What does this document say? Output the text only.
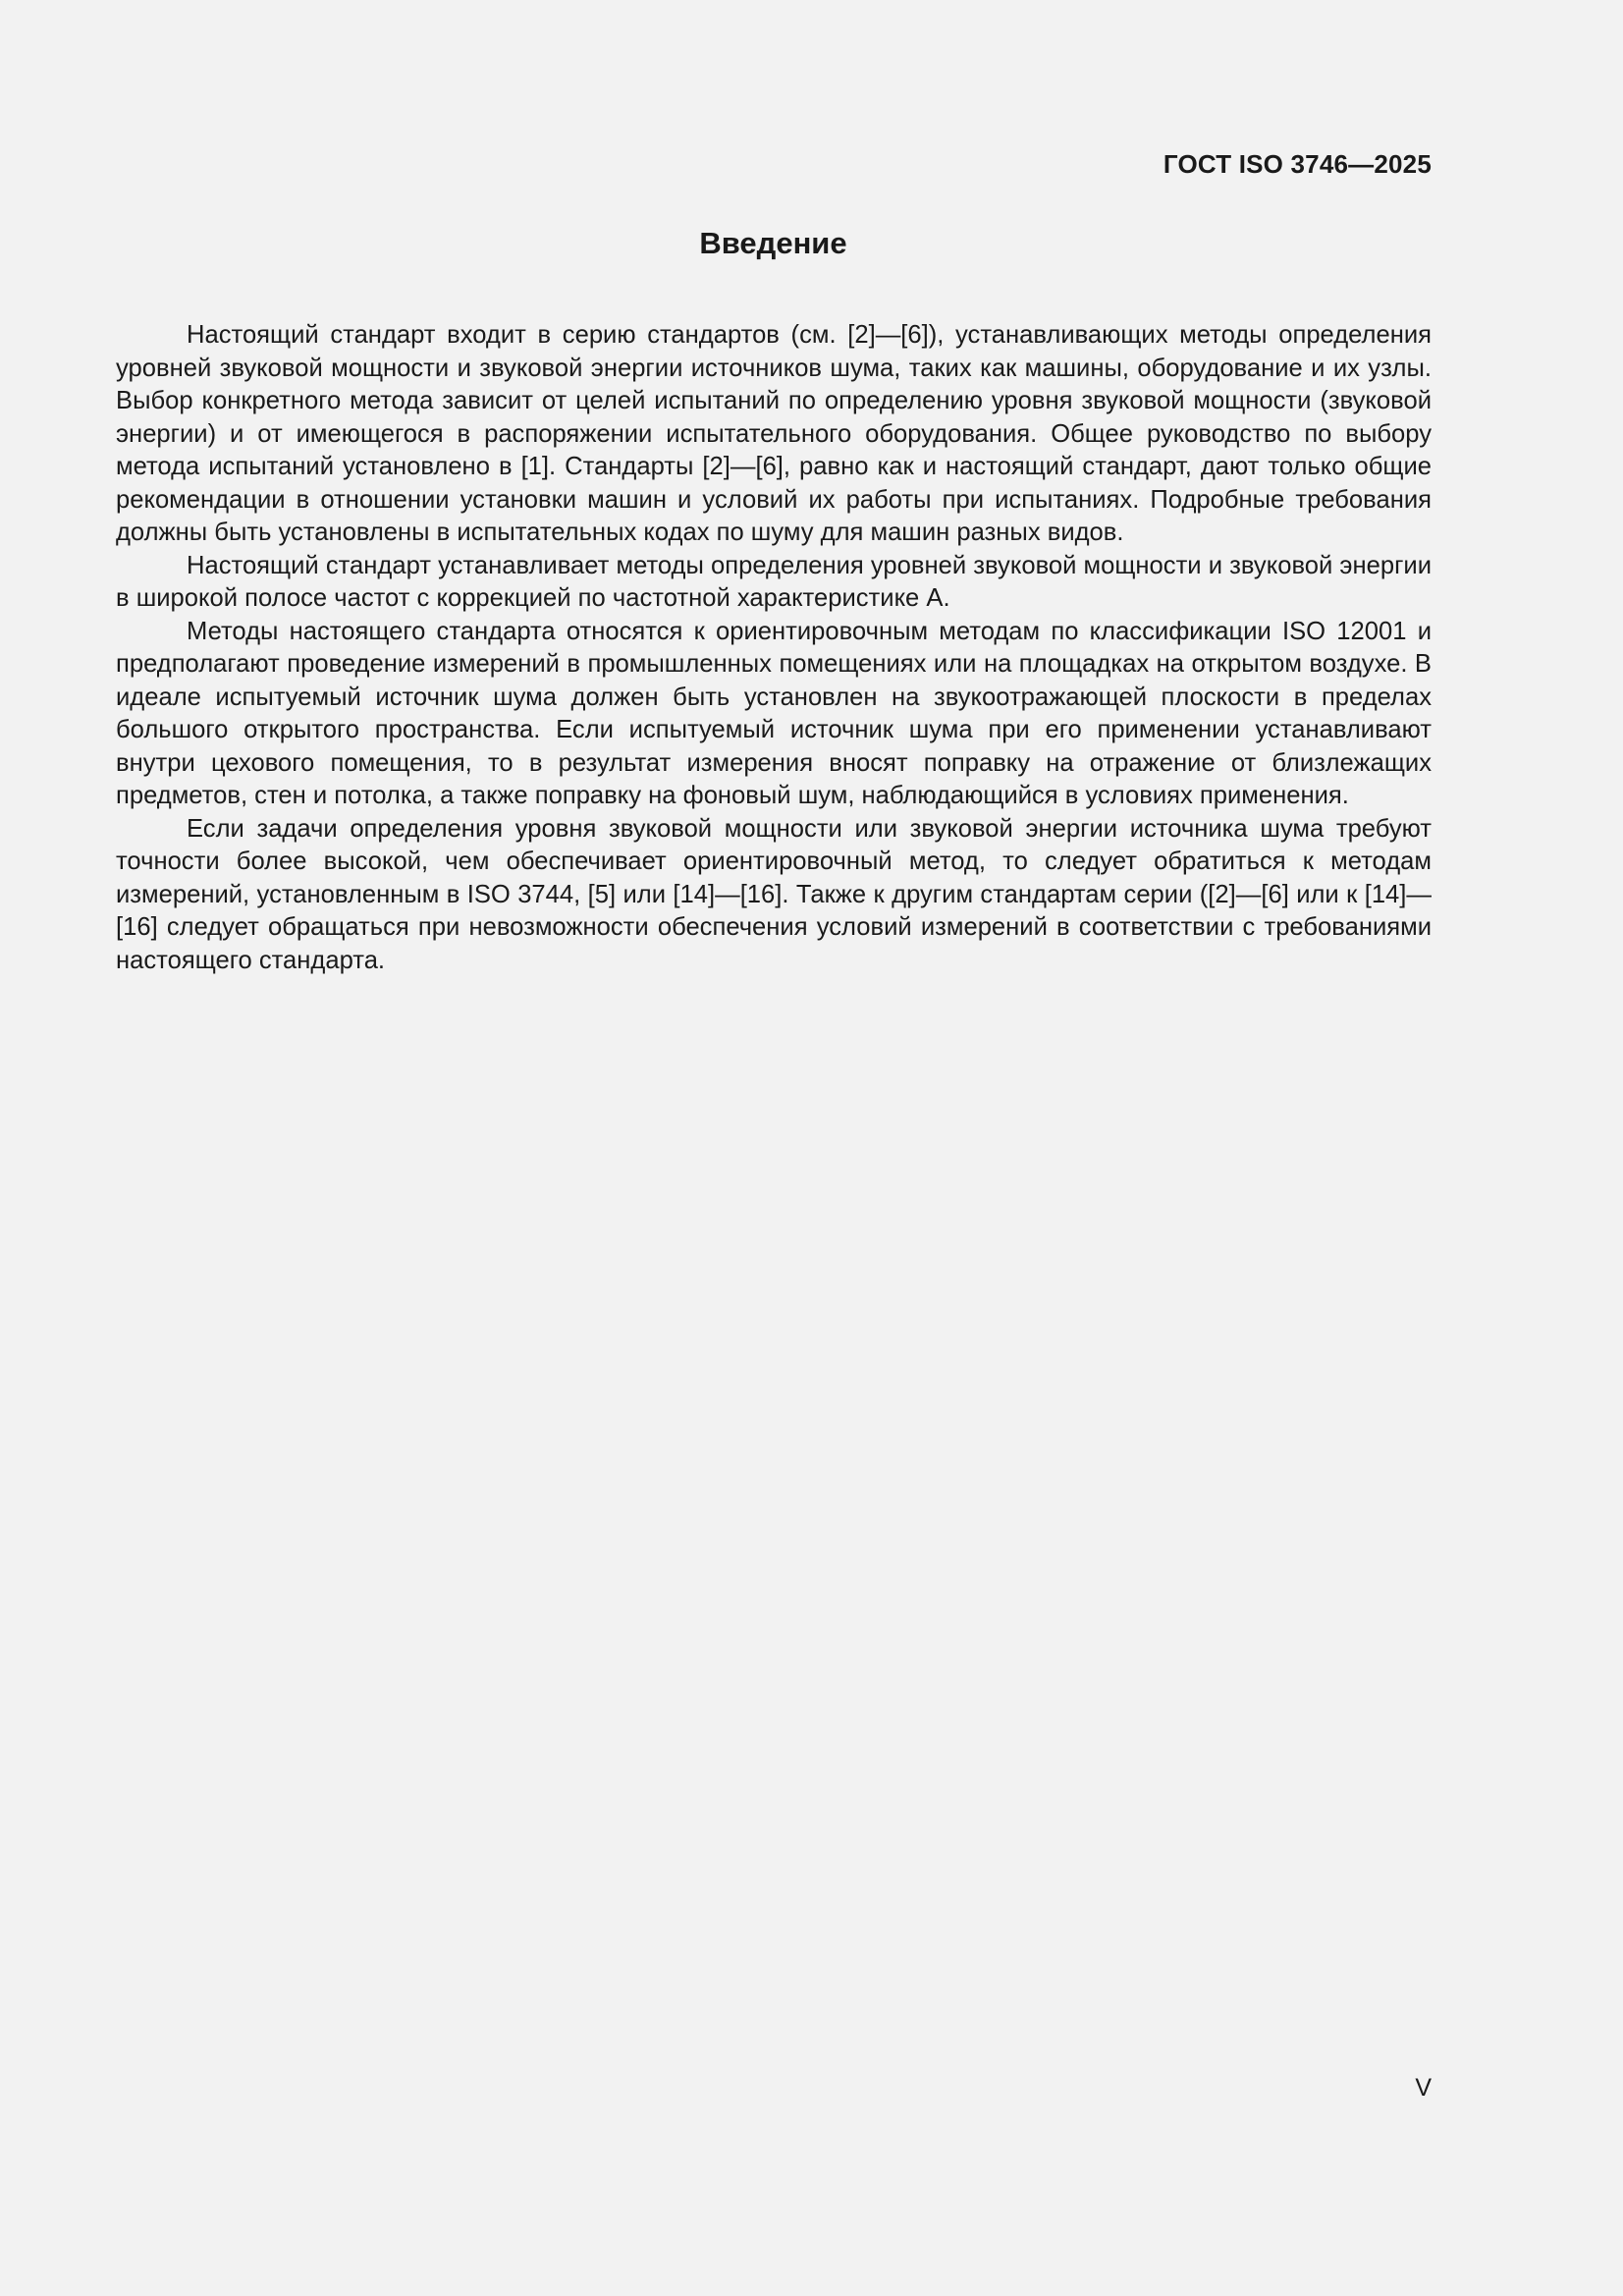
ГОСТ ISO 3746—2025
Введение

Настоящий стандарт входит в серию стандартов (см. [2]—[6]), устанавливающих методы определения уровней звуковой мощности и звуковой энергии источников шума, таких как машины, оборудование и их узлы. Выбор конкретного метода зависит от целей испытаний по определению уровня звуковой мощности (звуковой энергии) и от имеющегося в распоряжении испытательного оборудования. Общее руководство по выбору метода испытаний установлено в [1]. Стандарты [2]—[6], равно как и настоящий стандарт, дают только общие рекомендации в отношении установки машин и условий их работы при испытаниях. Подробные требования должны быть установлены в испытательных кодах по шуму для машин разных видов.

Настоящий стандарт устанавливает методы определения уровней звуковой мощности и звуковой энергии в широкой полосе частот с коррекцией по частотной характеристике А.

Методы настоящего стандарта относятся к ориентировочным методам по классификации ISO 12001 и предполагают проведение измерений в промышленных помещениях или на площадках на открытом воздухе. В идеале испытуемый источник шума должен быть установлен на звукоотражающей плоскости в пределах большого открытого пространства. Если испытуемый источник шума при его применении устанавливают внутри цехового помещения, то в результат измерения вносят поправку на отражение от близлежащих предметов, стен и потолка, а также поправку на фоновый шум, наблюдающийся в условиях применения.

Если задачи определения уровня звуковой мощности или звуковой энергии источника шума требуют точности более высокой, чем обеспечивает ориентировочный метод, то следует обратиться к методам измерений, установленным в ISO 3744, [5] или [14]—[16]. Также к другим стандартам серии ([2]—[6] или к [14]—[16] следует обращаться при невозможности обеспечения условий измерений в соответствии с требованиями настоящего стандарта.

V
